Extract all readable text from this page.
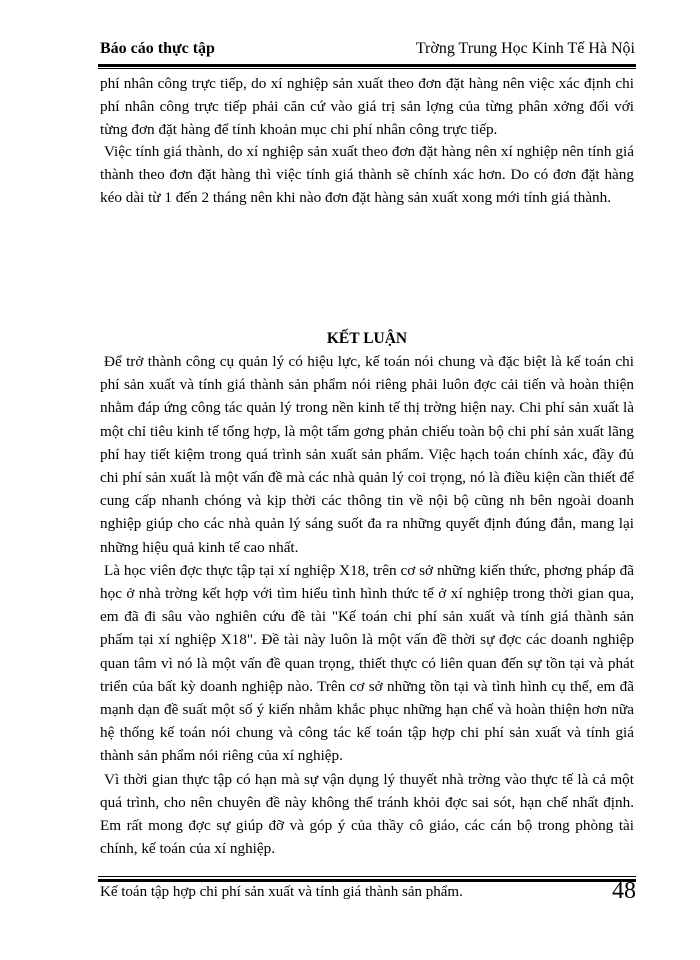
Báo cáo thực tập	Trờng Trung Học Kinh Tế Hà Nội

phí nhân công trực tiếp, do xí nghiệp sản xuất theo đơn đặt hàng nên việc xác định chi phí nhân công trực tiếp phải căn cứ vào giá trị sản lợng của từng phân xởng đối với từng đơn đặt hàng để tính khoản mục chi phí nhân công trực tiếp.

Việc tính giá thành, do xí nghiệp sản xuất theo đơn đặt hàng nên xí nghiệp nên tính giá thành theo đơn đặt hàng thì việc tính giá thành sẽ chính xác hơn. Do có đơn đặt hàng kéo dài từ 1 đến 2 tháng nên khi nào đơn đặt hàng sản xuất xong mới tính giá thành.

KẾT LUẬN

Để trở thành công cụ quản lý có hiệu lực, kế toán nói chung và đặc biệt là kế toán chi phí sản xuất và tính giá thành sản phẩm nói riêng phải luôn đợc cải tiến và hoàn thiện nhằm đáp ứng công tác quản lý trong nền kinh tế thị trờng hiện nay. Chi phí sản xuất là một chỉ tiêu kinh tế tổng hợp, là một tấm gơng phản chiếu toàn bộ chi phí sản xuất lãng phí hay tiết kiệm trong quá trình sản xuất sản phẩm. Việc hạch toán chính xác, đầy đủ chi phí sản xuất là một vấn đề mà các nhà quản lý coi trọng, nó là điều kiện cần thiết để cung cấp nhanh chóng và kịp thời các thông tin về nội bộ cũng nh bên ngoài doanh nghiệp giúp cho các nhà quản lý sáng suốt đa ra những quyết định đúng đắn, mang lại những hiệu quả kinh tế cao nhất.

Là học viên đợc thực tập tại xí nghiệp X18, trên cơ sở những kiến thức, phơng pháp đã học ở nhà trờng kết hợp với tìm hiểu tình hình thức tế ở xí nghiệp trong thời gian qua, em đã đi sâu vào nghiên cứu đề tài "Kế toán chi phí sản xuất và tính giá thành sản phẩm tại xí nghiệp X18". Đề tài này luôn là một vấn đề thời sự đợc các doanh nghiệp quan tâm vì nó là một vấn đề quan trọng, thiết thực có liên quan đến sự tồn tại và phát triển của bất kỳ doanh nghiệp nào. Trên cơ sở những tồn tại và tình hình cụ thể, em đã mạnh dạn đề suất một số ý kiến nhằm khắc phục những hạn chế và hoàn thiện hơn nữa hệ thống kế toán nói chung và công tác kế toán tập hợp chi phí sản xuất và tính giá thành sản phẩm nói riêng của xí nghiệp.

Vì thời gian thực tập có hạn mà sự vận dụng lý thuyết nhà trờng vào thực tế là cả một quá trình, cho nên chuyên đề này không thể tránh khỏi đợc sai sót, hạn chế nhất định. Em rất mong đợc sự giúp đỡ và góp ý của thầy cô giáo, các cán bộ trong phòng tài chính, kế toán của xí nghiệp.

Kế toán tập hợp chi phí sản xuất và tính giá thành sản phẩm.	48
